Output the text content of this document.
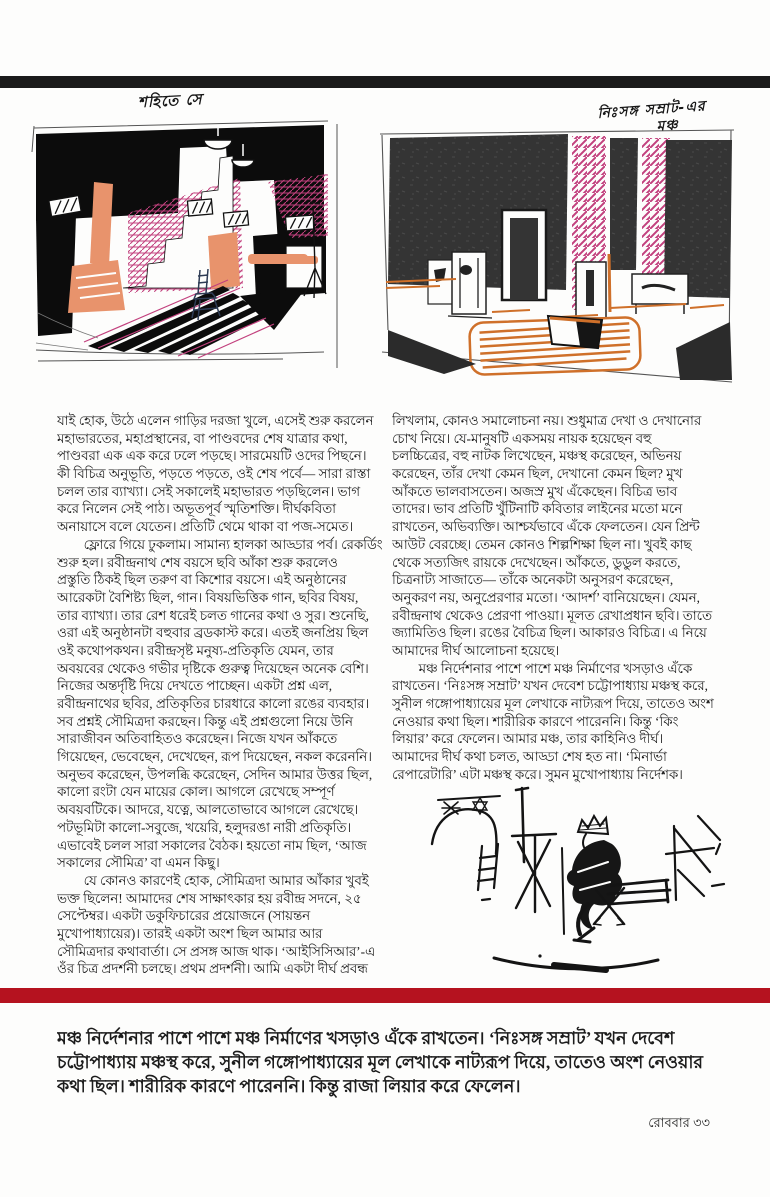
শহিতে সে	নিঃসঙ্গ সম্রাট-এর
মঞ্চ
যাই হোক, উঠে এলেন গাড়ির দরজা খুলে, এসেই শুরু করলেন
মহাভারতের, মহাপ্রস্থানের, বা পাণ্ডবদের শেষ যাত্রার কথা,
পাণ্ডবরা এক এক করে ঢলে পড়ছে। সারমেয়টি ওদের পিছনে।
কী বিচিত্র অনুভূতি, পড়তে পড়তে, ওই শেষ পর্বে— সারা রাস্তা
চলল তার ব্যাখ্যা। সেই সকালেই মহাভারত পড়ছিলেন। ভাগ
করে নিলেন সেই পাঠ। অভূতপূর্ব স্মৃতিশক্তি। দীর্ঘকবিতা
অনায়াসে বলে যেতেন। প্রতিটি থেমে থাকা বা পজ-সমেত।
  ফ্লোরে গিয়ে ঢুকলাম। সামান্য হালকা আড্ডার পর্ব। রেকর্ডিং
শুরু হল। রবীন্দ্রনাথ শেষ বয়সে ছবি আঁকা শুরু করলেও
প্রস্তুতি ঠিকই ছিল তরুণ বা কিশোর বয়সে। এই অনুষ্ঠানের
আরেকটা বৈশিষ্ট্য ছিল, গান। বিষয়ভিত্তিক গান, ছবির বিষয়,
তার ব্যাখ্যা। তার রেশ ধরেই চলত গানের কথা ও সুর। শুনেছি,
ওরা এই অনুষ্ঠানটা বহুবার ব্রডকাস্ট করে। এতই জনপ্রিয় ছিল
ওই কথোপকথন। রবীন্দ্রসৃষ্ট মনুষ্য-প্রতিকৃতি যেমন, তার
অবয়বের থেকেও গভীর দৃষ্টিকে গুরুত্ব দিয়েছেন অনেক বেশি।
নিজের অন্তর্দৃষ্টি দিয়ে দেখতে পাচ্ছেন। একটা প্রশ্ন এল,
রবীন্দ্রনাথের ছবির, প্রতিকৃতির চারধারে কালো রঙের ব্যবহার।
সব প্রশ্নই সৌমিত্রদা করছেন। কিন্তু এই প্রশ্নগুলো নিয়ে উনি
সারাজীবন অতিবাহিতও করেছেন। নিজে যখন আঁকতে
গিয়েছেন, ভেবেছেন, দেখেছেন, রূপ দিয়েছেন, নকল করেননি।
অনুভব করেছেন, উপলব্ধি করেছেন, সেদিন আমার উত্তর ছিল,
কালো রংটা যেন মায়ের কোল। আগলে রেখেছে সম্পূর্ণ
অবয়বটিকে। আদরে, যত্নে, আলতোভাবে আগলে রেখেছে।
পটভূমিটা কালো-সবুজে, খয়েরি, হলুদরঙা নারী প্রতিকৃতি।
এভাবেই চলল সারা সকালের বৈঠক। হয়তো নাম ছিল, ‘আজ
সকালের সৌমিত্র’ বা এমন কিছু।
  যে কোনও কারণেই হোক, সৌমিত্রদা আমার আঁকার খুবই
ভক্ত ছিলেন! আমাদের শেষ সাক্ষাৎকার হয় রবীন্দ্র সদনে, ২৫
সেপ্টেম্বর। একটা ডকুফিচারের প্রয়োজনে (সায়ন্তন
মুখোপাধ্যায়ের)। তারই একটা অংশ ছিল আমার আর
সৌমিত্রদার কথাবার্তা। সে প্রসঙ্গ আজ থাক। ‘আইসিসিআর’-এ
ওঁর চিত্র প্রদর্শনী চলছে। প্রথম প্রদর্শনী। আমি একটা দীর্ঘ প্রবন্ধ
লিখলাম, কোনও সমালোচনা নয়। শুধুমাত্র দেখা ও দেখানোর
চোখ নিয়ে। যে-মানুষটি একসময় নায়ক হয়েছেন বহু
চলচ্চিত্রের, বহু নাটক লিখেছেন, মঞ্চস্থ করেছেন, অভিনয়
করেছেন, তাঁর দেখা কেমন ছিল, দেখানো কেমন ছিল? মুখ
আঁকতে ভালবাসতেন। অজস্র মুখ এঁকেছেন। বিচিত্র ভাব
তাদের। ভাব প্রতিটি খুঁটিনাটি কবিতার লাইনের মতো মনে
রাখতেন, অভিব্যক্তি। আশ্চর্যভাবে এঁকে ফেলতেন। যেন প্রিন্ট
আউট বেরচ্ছে। তেমন কোনও শিল্পশিক্ষা ছিল না। খুবই কাছ
থেকে সত্যজিৎ রায়কে দেখেছেন। আঁকতে, ডুডুল করতে,
চিত্রনাট্য সাজাতে— তাঁকে অনেকটা অনুসরণ করেছেন,
অনুকরণ নয়, অনুপ্রেরণার মতো। ‘আদর্শ’ বানিয়েছেন। যেমন,
রবীন্দ্রনাথ থেকেও প্রেরণা পাওয়া। মূলত রেখাপ্রধান ছবি। তাতে
জ্যামিতিও ছিল। রঙের বৈচিত্র ছিল। আকারও বিচিত্র। এ নিয়ে
আমাদের দীর্ঘ আলোচনা হয়েছে।
  মঞ্চ নির্দেশনার পাশে পাশে মঞ্চ নির্মাণের খসড়াও এঁকে
রাখতেন। ‘নিঃসঙ্গ সম্রাট’ যখন দেবেশ চট্টোপাধ্যায় মঞ্চস্থ করে,
সুনীল গঙ্গোপাধ্যায়ের মূল লেখাকে নাট্যরূপ দিয়ে, তাতেও অংশ
নেওয়ার কথা ছিল। শারীরিক কারণে পারেননি। কিন্তু ‘কিং
লিয়ার’ করে ফেলেন। আমার মঞ্চ, তার কাহিনিও দীর্ঘ।
আমাদের দীর্ঘ কথা চলত, আড্ডা শেষ হত না। ‘মিনার্ভা
রেপারেটারি’ এটা মঞ্চস্থ করে। সুমন মুখোপাধ্যায় নির্দেশক।
মঞ্চ নির্দেশনার পাশে পাশে মঞ্চ নির্মাণের খসড়াও এঁকে রাখতেন। ‘নিঃসঙ্গ সম্রাট’ যখন দেবেশ
চট্টোপাধ্যায় মঞ্চস্থ করে, সুনীল গঙ্গোপাধ্যায়ের মূল লেখাকে নাট্যরূপ দিয়ে, তাতেও অংশ নেওয়ার
কথা ছিল। শারীরিক কারণে পারেননি। কিন্তু রাজা লিয়ার করে ফেলেন।
রোববার ৩৩
